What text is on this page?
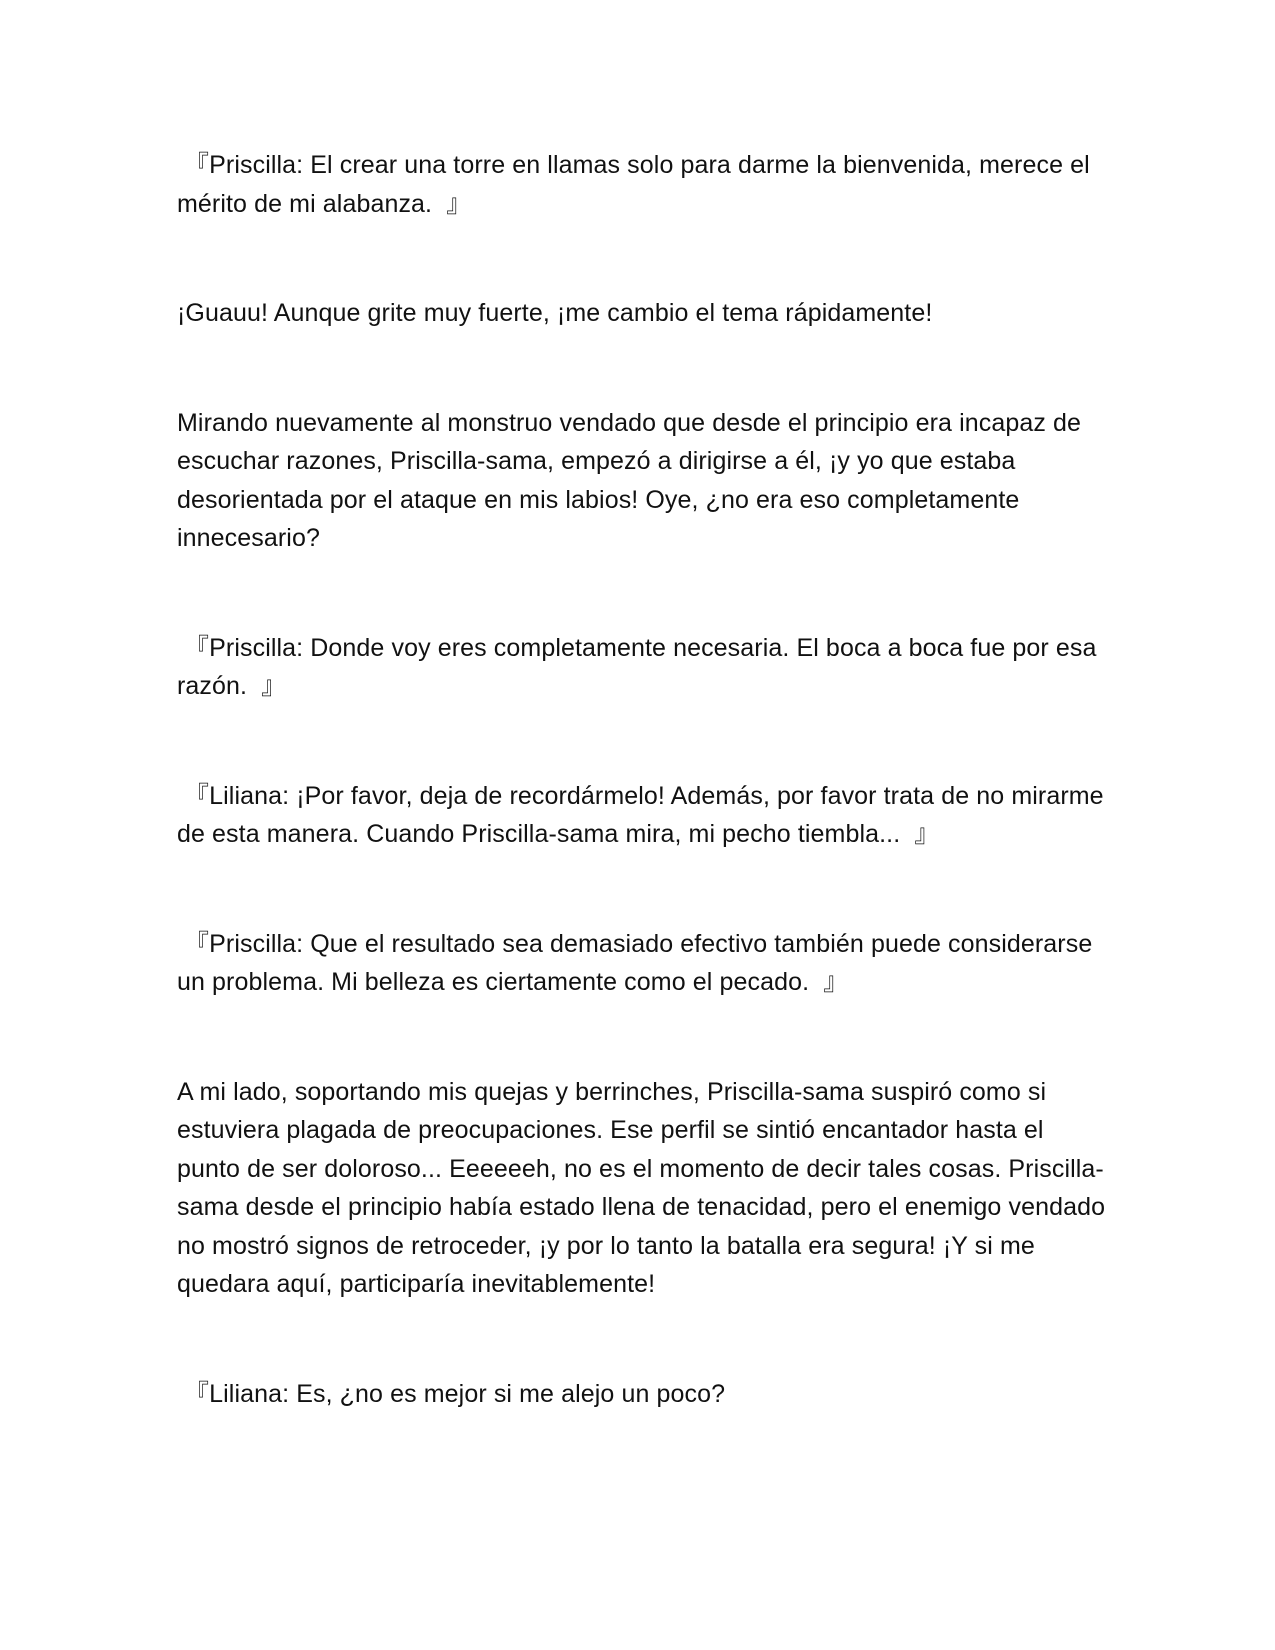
『Priscilla: El crear una torre en llamas solo para darme la bienvenida, merece el mérito de mi alabanza.  』

¡Guauu! Aunque grite muy fuerte, ¡me cambio el tema rápidamente!

Mirando nuevamente al monstruo vendado que desde el principio era incapaz de escuchar razones, Priscilla-sama, empezó a dirigirse a él, ¡y yo que estaba desorientada por el ataque en mis labios! Oye, ¿no era eso completamente innecesario?

『Priscilla: Donde voy eres completamente necesaria. El boca a boca fue por esa razón.  』

『Liliana: ¡Por favor, deja de recordármelo! Además, por favor trata de no mirarme de esta manera. Cuando Priscilla-sama mira, mi pecho tiembla...  』

『Priscilla: Que el resultado sea demasiado efectivo también puede considerarse un problema. Mi belleza es ciertamente como el pecado.  』

A mi lado, soportando mis quejas y berrinches, Priscilla-sama suspiró como si estuviera plagada de preocupaciones. Ese perfil se sintió encantador hasta el punto de ser doloroso... Eeeeeeh, no es el momento de decir tales cosas. Priscilla-sama desde el principio había estado llena de tenacidad, pero el enemigo vendado no mostró signos de retroceder, ¡y por lo tanto la batalla era segura! ¡Y si me quedara aquí, participaría inevitablemente!

『Liliana: Es, ¿no es mejor si me alejo un poco?
